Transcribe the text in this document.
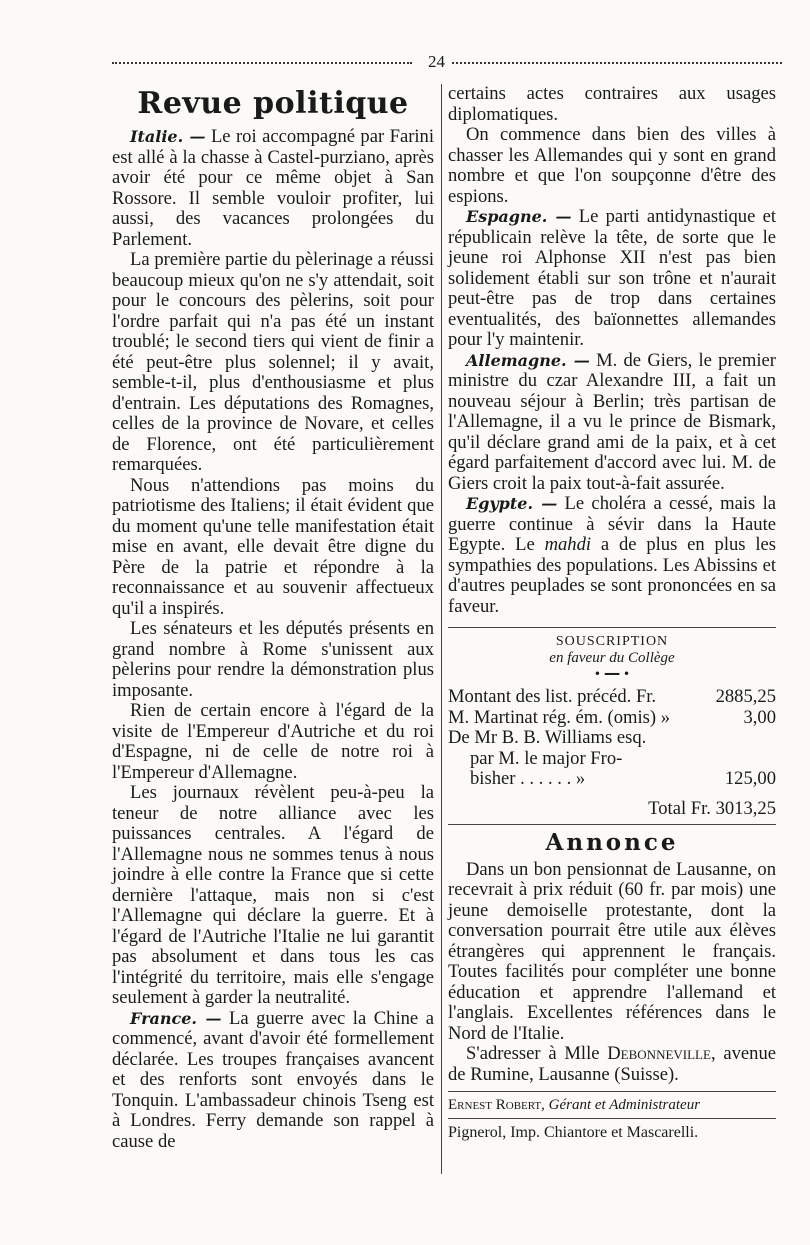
24
Revue politique

Italie. — Le roi accompagné par Farini est allé à la chasse à Castel-purziano, après avoir été pour ce même objet à San Rossore. Il semble vouloir profiter, lui aussi, des vacances prolongées du Parlement.

La première partie du pèlerinage a réussi beaucoup mieux qu'on ne s'y attendait, soit pour le concours des pèlerins, soit pour l'ordre parfait qui n'a pas été un instant troublé; le second tiers qui vient de finir a été peut-être plus solennel; il y avait, semble-t-il, plus d'enthousiasme et plus d'entrain. Les députations des Romagnes, celles de la province de Novare, et celles de Florence, ont été particulièrement remarquées.

Nous n'attendions pas moins du patriotisme des Italiens; il était évident que du moment qu'une telle manifestation était mise en avant, elle devait être digne du Père de la patrie et répondre à la reconnaissance et au souvenir affectueux qu'il a inspirés.

Les sénateurs et les députés présents en grand nombre à Rome s'unissent aux pèlerins pour rendre la démonstration plus imposante.

Rien de certain encore à l'égard de la visite de l'Empereur d'Autriche et du roi d'Espagne, ni de celle de notre roi à l'Empereur d'Allemagne.

Les journaux révèlent peu-à-peu la teneur de notre alliance avec les puissances centrales. A l'égard de l'Allemagne nous ne sommes tenus à nous joindre à elle contre la France que si cette dernière l'attaque, mais non si c'est l'Allemagne qui déclare la guerre. Et à l'égard de l'Autriche l'Italie ne lui garantit pas absolument et dans tous les cas l'intégrité du territoire, mais elle s'engage seulement à garder la neutralité.

France. — La guerre avec la Chine a commencé, avant d'avoir été formellement déclarée. Les troupes françaises avancent et des renforts sont envoyés dans le Tonquin. L'ambassadeur chinois Tseng est à Londres. Ferry demande son rappel à cause de

certains actes contraires aux usages diplomatiques.

On commence dans bien des villes à chasser les Allemandes qui y sont en grand nombre et que l'on soupçonne d'être des espions.

Espagne. — Le parti antidynastique et républicain relève la tête, de sorte que le jeune roi Alphonse XII n'est pas bien solidement établi sur son trône et n'aurait peut-être pas de trop dans certaines eventualités, des baïonnettes allemandes pour l'y maintenir.

Allemagne. — M. de Giers, le premier ministre du czar Alexandre III, a fait un nouveau séjour à Berlin; très partisan de l'Allemagne, il a vu le prince de Bismark, qu'il déclare grand ami de la paix, et à cet égard parfaitement d'accord avec lui. M. de Giers croit la paix tout-à-fait assurée.

Egypte. — Le choléra a cessé, mais la guerre continue à sévir dans la Haute Egypte. Le mahdi a de plus en plus les sympathies des populations. Les Abissins et d'autres peuplades se sont prononcées en sa faveur.

SOUSCRIPTION
en faveur du Collège
• ━━ •
Montant des list. précéd. Fr.	2885,25
M. Martinat rég. ém. (omis) »	3,00
De Mr B. B. Williams esq.
par M. le major Fro-
bisher . . . . . . »	125,00
Total Fr. 3013,25
Annonce

Dans un bon pensionnat de Lausanne, on recevrait à prix réduit (60 fr. par mois) une jeune demoiselle protestante, dont la conversation pourrait être utile aux élèves étrangères qui apprennent le français. Toutes facilités pour compléter une bonne éducation et apprendre l'allemand et l'anglais. Excellentes références dans le Nord de l'Italie.

S'adresser à Mlle Debonneville, avenue de Rumine, Lausanne (Suisse).

Ernest Robert, Gérant et Administrateur
Pignerol, Imp. Chiantore et Mascarelli.
